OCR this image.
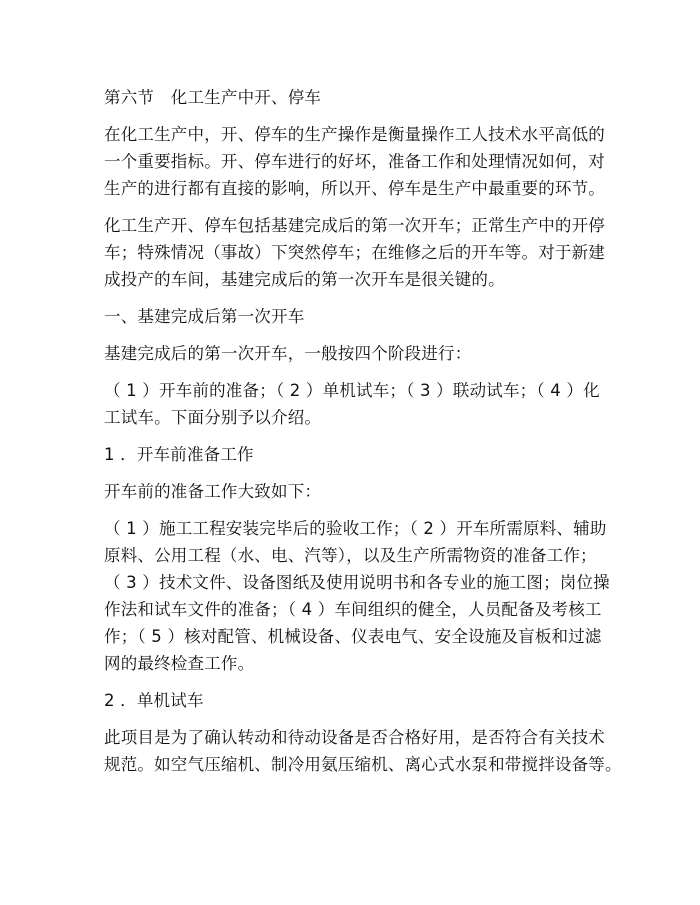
第六节　化工生产中开、停车
在化工生产中，开、停车的生产操作是衡量操作工人技术水平高低的
一个重要指标。开、停车进行的好坏，准备工作和处理情况如何，对
生产的进行都有直接的影响，所以开、停车是生产中最重要的环节。
化工生产开、停车包括基建完成后的第一次开车；正常生产中的开停
车；特殊情况（事故）下突然停车；在维修之后的开车等。对于新建
成投产的车间，基建完成后的第一次开车是很关键的。
一、基建完成后第一次开车
基建完成后的第一次开车，一般按四个阶段进行：
（ 1 ）开车前的准备；（ 2 ）单机试车；（ 3 ）联动试车；（ 4 ）化
工试车。下面分别予以介绍。
1 ．开车前准备工作
开车前的准备工作大致如下：
（ 1 ）施工工程安装完毕后的验收工作；（ 2 ）开车所需原料、辅助
原料、公用工程（水、电、汽等），以及生产所需物资的准备工作；
（ 3 ）技术文件、设备图纸及使用说明书和各专业的施工图；岗位操
作法和试车文件的准备；（ 4 ）车间组织的健全，人员配备及考核工
作；（ 5 ）核对配管、机械设备、仪表电气、安全设施及盲板和过滤
网的最终检查工作。
2 ．单机试车
此项目是为了确认转动和待动设备是否合格好用，是否符合有关技术
规范。如空气压缩机、制冷用氨压缩机、离心式水泵和带搅拌设备等。
